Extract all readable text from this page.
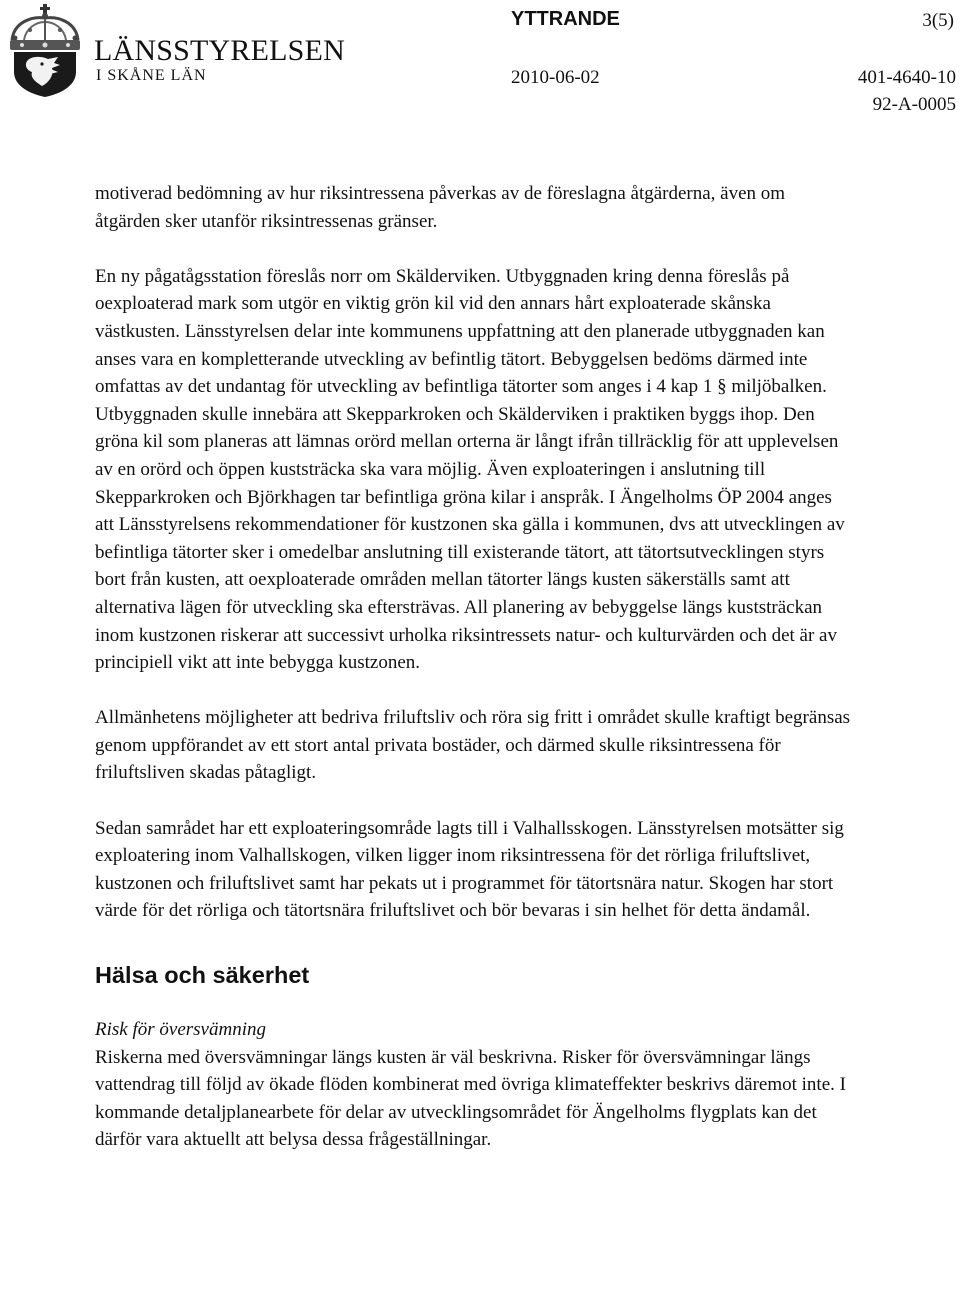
LÄNSSTYRELSEN
I SKÅNE LÄN
YTTRANDE	3(5)
2010-06-02	401-4640-10
92-A-0005

motiverad bedömning av hur riksintressena påverkas av de föreslagna åtgärderna, även om åtgärden sker utanför riksintressenas gränser.

En ny pågatågsstation föreslås norr om Skälderviken. Utbyggnaden kring denna föreslås på oexploaterad mark som utgör en viktig grön kil vid den annars hårt exploaterade skånska västkusten. Länsstyrelsen delar inte kommunens uppfattning att den planerade utbyggnaden kan anses vara en kompletterande utveckling av befintlig tätort. Bebyggelsen bedöms därmed inte omfattas av det undantag för utveckling av befintliga tätorter som anges i 4 kap 1 § miljöbalken. Utbyggnaden skulle innebära att Skepparkroken och Skälderviken i praktiken byggs ihop. Den gröna kil som planeras att lämnas orörd mellan orterna är långt ifrån tillräcklig för att upplevelsen av en orörd och öppen kuststräcka ska vara möjlig. Även exploateringen i anslutning till Skepparkroken och Björkhagen tar befintliga gröna kilar i anspråk. I Ängelholms ÖP 2004 anges att Länsstyrelsens rekommendationer för kustzonen ska gälla i kommunen, dvs att utvecklingen av befintliga tätorter sker i omedelbar anslutning till existerande tätort, att tätortsutvecklingen styrs bort från kusten, att oexploaterade områden mellan tätorter längs kusten säkerställs samt att alternativa lägen för utveckling ska eftersträvas. All planering av bebyggelse längs kuststräckan inom kustzonen riskerar att successivt urholka riksintressets natur- och kulturvärden och det är av principiell vikt att inte bebygga kustzonen.

Allmänhetens möjligheter att bedriva friluftsliv och röra sig fritt i området skulle kraftigt begränsas genom uppförandet av ett stort antal privata bostäder, och därmed skulle riksintressena för friluftsliven skadas påtagligt.

Sedan samrådet har ett exploateringsområde lagts till i Valhallsskogen. Länsstyrelsen motsätter sig exploatering inom Valhallskogen, vilken ligger inom riksintressena för det rörliga friluftslivet, kustzonen och friluftslivet samt har pekats ut i programmet för tätortsnära natur. Skogen har stort värde för det rörliga och tätortsnära friluftslivet och bör bevaras i sin helhet för detta ändamål.

Hälsa och säkerhet

Risk för översvämning
Riskerna med översvämningar längs kusten är väl beskrivna. Risker för översvämningar längs vattendrag till följd av ökade flöden kombinerat med övriga klimateffekter beskrivs däremot inte. I kommande detaljplanearbete för delar av utvecklingsområdet för Ängelholms flygplats kan det därför vara aktuellt att belysa dessa frågeställningar.
